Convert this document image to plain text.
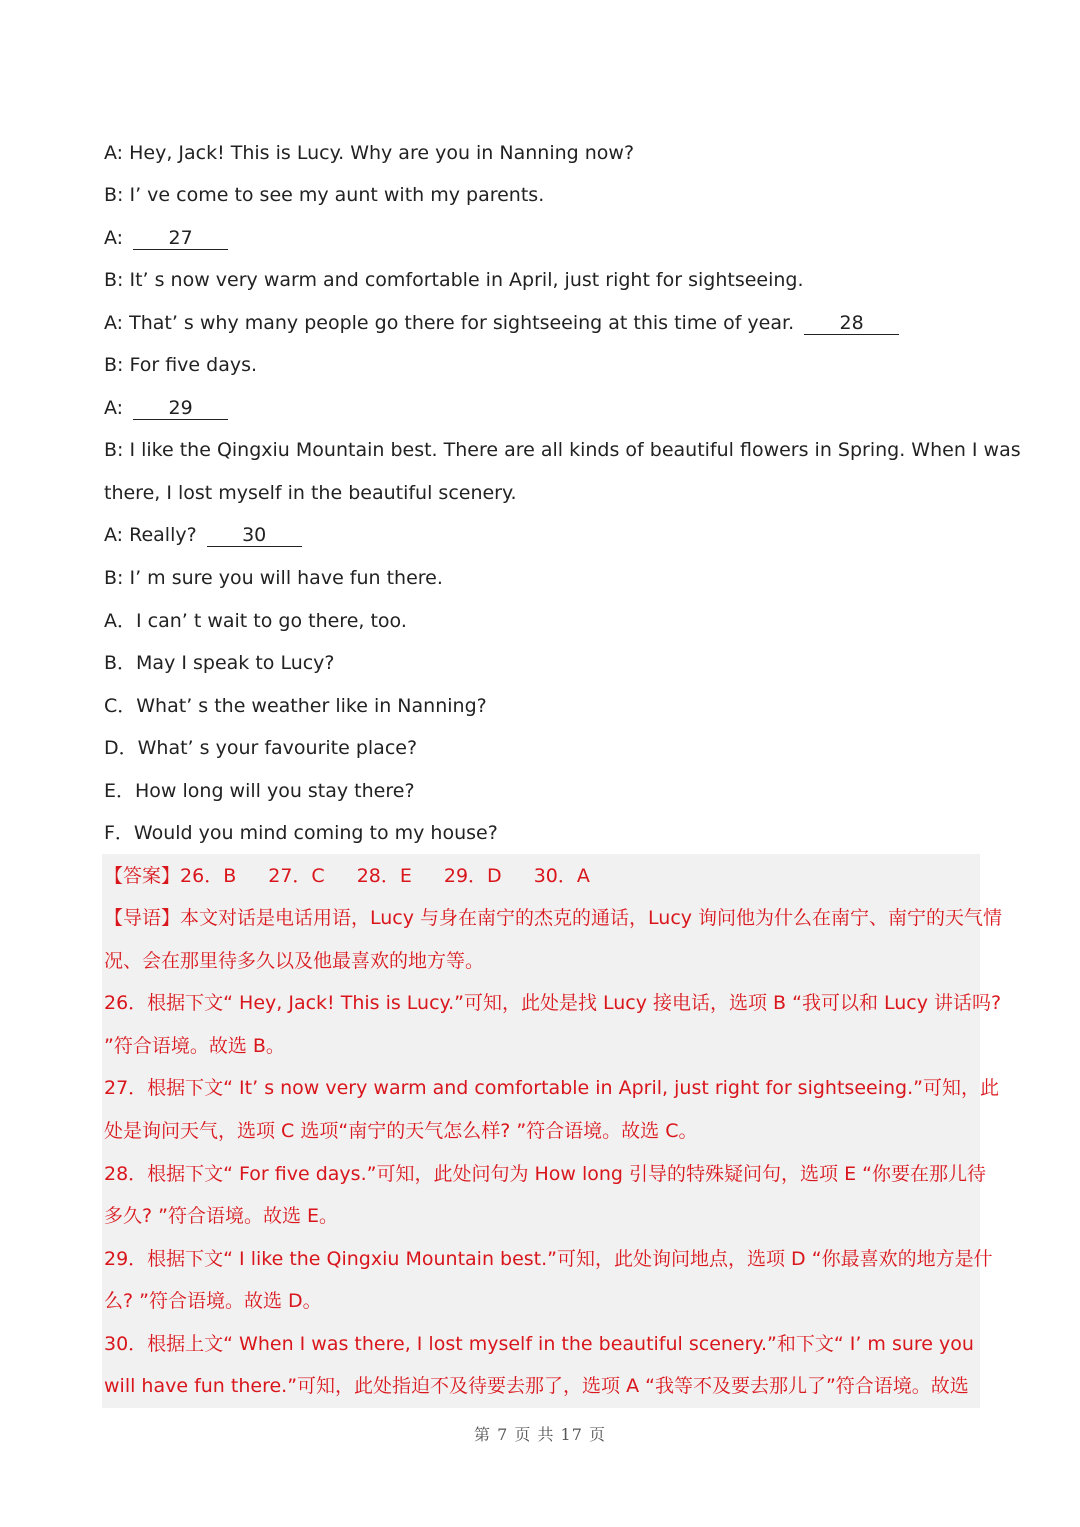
A: Hey, Jack! This is Lucy. Why are you in Nanning now?
B: I’ ve come to see my aunt with my parents.
A: 27
B: It’ s now very warm and comfortable in April, just right for sightseeing.
A: That’ s why many people go there for sightseeing at this time of year. 28
B: For five days.
A: 29
B: I like the Qingxiu Mountain best. There are all kinds of beautiful flowers in Spring. When I was
there, I lost myself in the beautiful scenery.
A: Really? 30
B: I’ m sure you will have fun there.
A．I can’ t wait to go there, too.
B．May I speak to Lucy?
C．What’ s the weather like in Nanning?
D．What’ s your favourite place?
E．How long will you stay there?
F．Would you mind coming to my house?
【答案】26．B 27．C 28．E 29．D 30．A
【导语】本文对话是电话用语，Lucy 与身在南宁的杰克的通话，Lucy 询问他为什么在南宁、南宁的天气情
况、会在那里待多久以及他最喜欢的地方等。
26．根据下文“ Hey, Jack! This is Lucy.”可知，此处是找 Lucy 接电话，选项 B “我可以和 Lucy 讲话吗?
”符合语境。故选 B。
27．根据下文“ It’ s now very warm and comfortable in April, just right for sightseeing.”可知，此
处是询问天气，选项 C 选项“南宁的天气怎么样? ”符合语境。故选 C。
28．根据下文“ For five days.”可知，此处问句为 How long 引导的特殊疑问句，选项 E “你要在那儿待
多久? ”符合语境。故选 E。
29．根据下文“ I like the Qingxiu Mountain best.”可知，此处询问地点，选项 D “你最喜欢的地方是什
么? ”符合语境。故选 D。
30．根据上文“ When I was there, I lost myself in the beautiful scenery.”和下文“ I’ m sure you
will have fun there.”可知，此处指迫不及待要去那了，选项 A “我等不及要去那儿了”符合语境。故选
第 7 页 共 17 页
